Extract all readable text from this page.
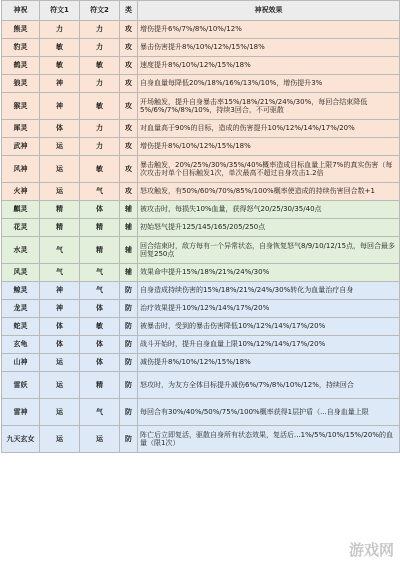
神祝	符文1	符文2	类	神祝效果
熊灵	力	力	攻	增伤提升6%/7%/8%/10%/12%
豹灵	敏	力	攻	暴击伤害提升8%/10%/12%/15%/18%
鹤灵	敏	敏	攻	速度提升8%/10%/12%/15%/18%
狼灵	神	力	攻	自身血量每降低20%/18%/16%/13%/10%，增伤提升3%
猴灵	神	敏	攻	开场触发，提升自身暴击率15%/18%/21%/24%/30%，每回合结束降低5%/6%/7%/8%/10%，持续3回合，不可驱散
犀灵	体	力	攻	对血量高于90%的目标，造成的伤害提升10%/12%/14%/17%/20%
武神	运	力	攻	增伤提升8%/10%/12%/15%/18%
风神	运	敏	攻	暴击触发，20%/25%/30%/35%/40%概率造成目标血量上限7%的真实伤害（每次攻击对单个目标触发1次，单次最高不超过自身攻击1.2倍
火神	运	气	攻	怒攻触发，有50%/60%/70%/85%/100%概率使造成的持续伤害回合数+1
麒灵	精	体	辅	被攻击时，每损失10%血量，获得怒气20/25/30/35/40点
花灵	精	精	辅	初始怒气提升125/145/165/205/250点
水灵	气	精	辅	回合结束时，敌方每有一个异常状态，自身恢复怒气8/9/10/12/15点，每回合最多回复250点
风灵	气	气	辅	效果命中提升15%/18%/21%/24%/30%
鲸灵	神	气	防	自身造成持续伤害的15%/18%/21%/24%/30%转化为血量治疗自身
龙灵	神	体	防	治疗效果提升10%/12%/14%/17%/20%
蛇灵	体	敏	防	被暴击时，受到的暴击伤害降低10%/12%/14%/17%/20%
玄龟	体	体	防	战斗开始时，提升自身血量上限10%/12%/14%/17%/20%
山神	运	体	防	减伤提升8%/10%/12%/15%/18%
雷妖	运	精	防	怒攻时，为友方全体目标提升减伤6%/7%/8%/10%/12%，持续回合
雷神	运	气	防	每回合有30%/40%/50%/75%/100%概率获得1层护盾（...自身血量上限
九天玄女	运	运	防	阵亡后立即复活，驱散自身所有状态效果，复活后...1%/5%/10%/15%/20%的血量（限1次）
游戏网
